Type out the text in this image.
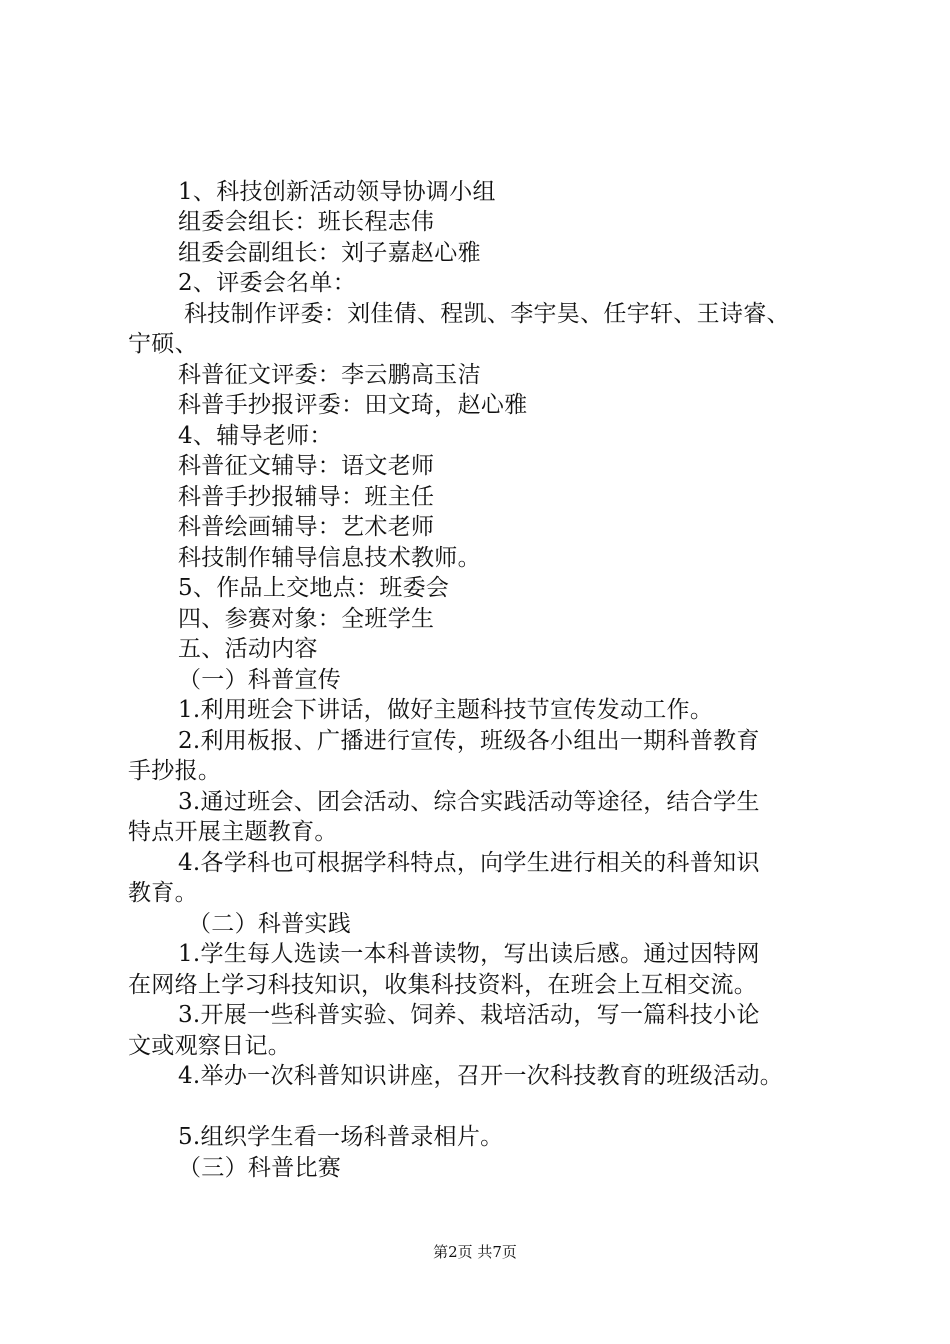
1、科技创新活动领导协调小组
组委会组长：班长程志伟
组委会副组长：刘子嘉赵心雅
2、评委会名单：
科技制作评委：刘佳倩、程凯、李宇昊、任宇轩、王诗睿、
宁硕、
科普征文评委：李云鹏高玉洁
科普手抄报评委：田文琦，赵心雅
4、辅导老师：
科普征文辅导：语文老师
科普手抄报辅导：班主任
科普绘画辅导：艺术老师
科技制作辅导信息技术教师。
5、作品上交地点：班委会
四、参赛对象：全班学生
五、活动内容
（一）科普宣传
1.利用班会下讲话，做好主题科技节宣传发动工作。
2.利用板报、广播进行宣传，班级各小组出一期科普教育
手抄报。
3.通过班会、团会活动、综合实践活动等途径，结合学生
特点开展主题教育。
4.各学科也可根据学科特点，向学生进行相关的科普知识
教育。
（二）科普实践
1.学生每人选读一本科普读物，写出读后感。通过因特网
在网络上学习科技知识，收集科技资料，在班会上互相交流。
3.开展一些科普实验、饲养、栽培活动，写一篇科技小论
文或观察日记。
4.举办一次科普知识讲座，召开一次科技教育的班级活动。
5.组织学生看一场科普录相片。
（三）科普比赛
第2页 共7页
